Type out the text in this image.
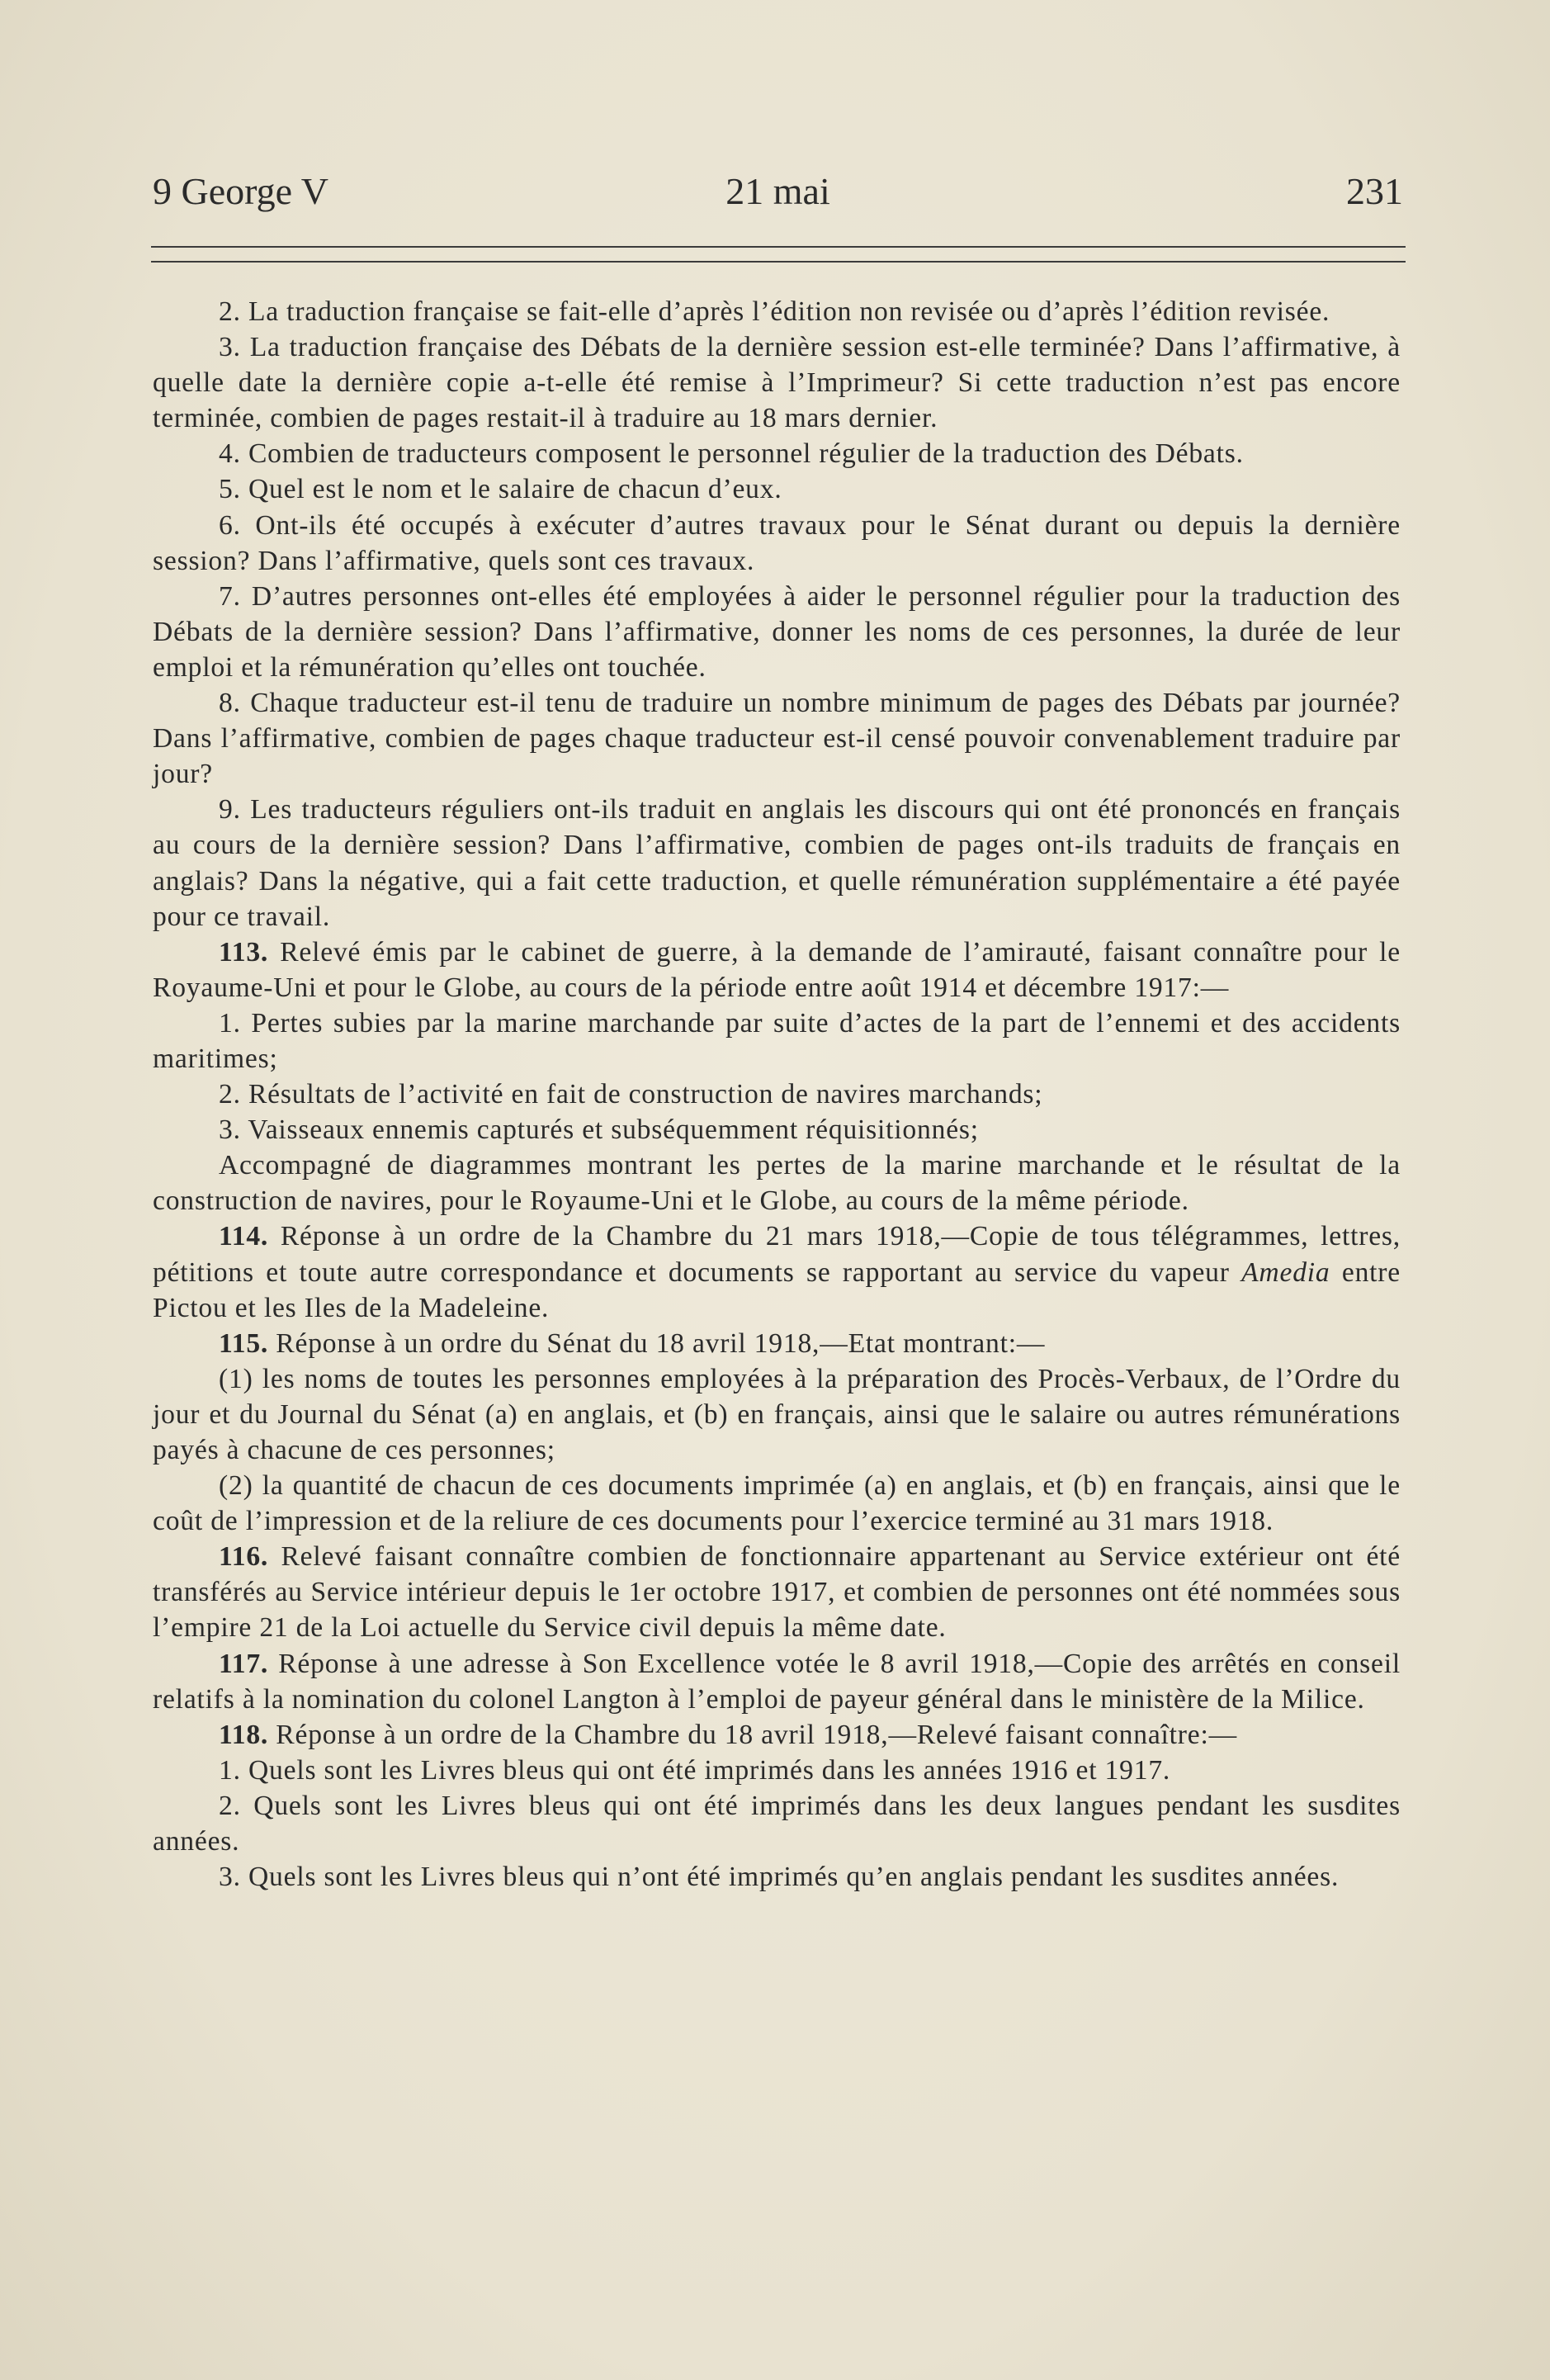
9 George V	21 mai	231

2. La traduction française se fait-elle d’après l’édition non revisée ou d’après l’édition revisée.

3. La traduction française des Débats de la dernière session est-elle terminée? Dans l’affirmative, à quelle date la dernière copie a-t-elle été remise à l’Imprimeur? Si cette traduction n’est pas encore terminée, combien de pages restait-il à traduire au 18 mars dernier.

4. Combien de traducteurs composent le personnel régulier de la traduction des Débats.

5. Quel est le nom et le salaire de chacun d’eux.

6. Ont-ils été occupés à exécuter d’autres travaux pour le Sénat durant ou depuis la dernière session? Dans l’affirmative, quels sont ces travaux.

7. D’autres personnes ont-elles été employées à aider le personnel régulier pour la traduction des Débats de la dernière session? Dans l’affirmative, donner les noms de ces personnes, la durée de leur emploi et la rémunération qu’elles ont touchée.

8. Chaque traducteur est-il tenu de traduire un nombre minimum de pages des Débats par journée? Dans l’affirmative, combien de pages chaque traducteur est-il censé pouvoir convenablement traduire par jour?

9. Les traducteurs réguliers ont-ils traduit en anglais les discours qui ont été prononcés en français au cours de la dernière session? Dans l’affirmative, combien de pages ont-ils traduits de français en anglais? Dans la négative, qui a fait cette traduction, et quelle rémunération supplémentaire a été payée pour ce travail.

113. Relevé émis par le cabinet de guerre, à la demande de l’amirauté, faisant connaître pour le Royaume-Uni et pour le Globe, au cours de la période entre août 1914 et décembre 1917:—

1. Pertes subies par la marine marchande par suite d’actes de la part de l’ennemi et des accidents maritimes;

2. Résultats de l’activité en fait de construction de navires marchands;

3. Vaisseaux ennemis capturés et subséquemment réquisitionnés;

Accompagné de diagrammes montrant les pertes de la marine marchande et le résultat de la construction de navires, pour le Royaume-Uni et le Globe, au cours de la même période.

114. Réponse à un ordre de la Chambre du 21 mars 1918,—Copie de tous télégrammes, lettres, pétitions et toute autre correspondance et documents se rapportant au service du vapeur Amedia entre Pictou et les Iles de la Madeleine.

115. Réponse à un ordre du Sénat du 18 avril 1918,—Etat montrant:—

(1) les noms de toutes les personnes employées à la préparation des Procès-Verbaux, de l’Ordre du jour et du Journal du Sénat (a) en anglais, et (b) en français, ainsi que le salaire ou autres rémunérations payés à chacune de ces personnes;

(2) la quantité de chacun de ces documents imprimée (a) en anglais, et (b) en français, ainsi que le coût de l’impression et de la reliure de ces documents pour l’exercice terminé au 31 mars 1918.

116. Relevé faisant connaître combien de fonctionnaire appartenant au Service extérieur ont été transférés au Service intérieur depuis le 1er octobre 1917, et combien de personnes ont été nommées sous l’empire 21 de la Loi actuelle du Service civil depuis la même date.

117. Réponse à une adresse à Son Excellence votée le 8 avril 1918,—Copie des arrêtés en conseil relatifs à la nomination du colonel Langton à l’emploi de payeur général dans le ministère de la Milice.

118. Réponse à un ordre de la Chambre du 18 avril 1918,—Relevé faisant connaître:—

1. Quels sont les Livres bleus qui ont été imprimés dans les années 1916 et 1917.

2. Quels sont les Livres bleus qui ont été imprimés dans les deux langues pendant les susdites années.

3. Quels sont les Livres bleus qui n’ont été imprimés qu’en anglais pendant les susdites années.
